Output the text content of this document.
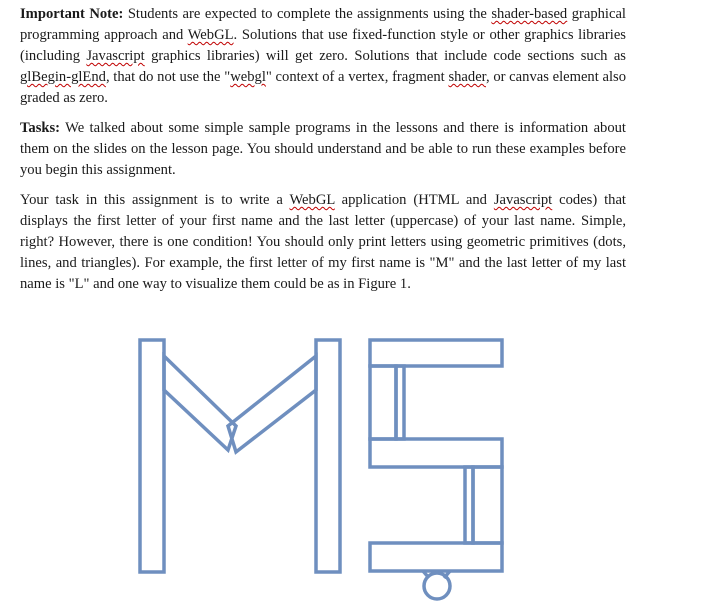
Important Note: Students are expected to complete the assignments using the shader-based graphical programming approach and WebGL. Solutions that use fixed-function style or other graphics libraries (including Javascript graphics libraries) will get zero. Solutions that include code sections such as glBegin-glEnd, that do not use the "webgl" context of a vertex, fragment shader, or canvas element also graded as zero.

Tasks: We talked about some simple sample programs in the lessons and there is information about them on the slides on the lesson page. You should understand and be able to run these examples before you begin this assignment.

Your task in this assignment is to write a WebGL application (HTML and Javascript codes) that displays the first letter of your first name and the last letter (uppercase) of your last name. Simple, right? However, there is one condition! You should only print letters using geometric primitives (dots, lines, and triangles). For example, the first letter of my first name is "M" and the last letter of my last name is "L" and one way to visualize them could be as in Figure 1.
